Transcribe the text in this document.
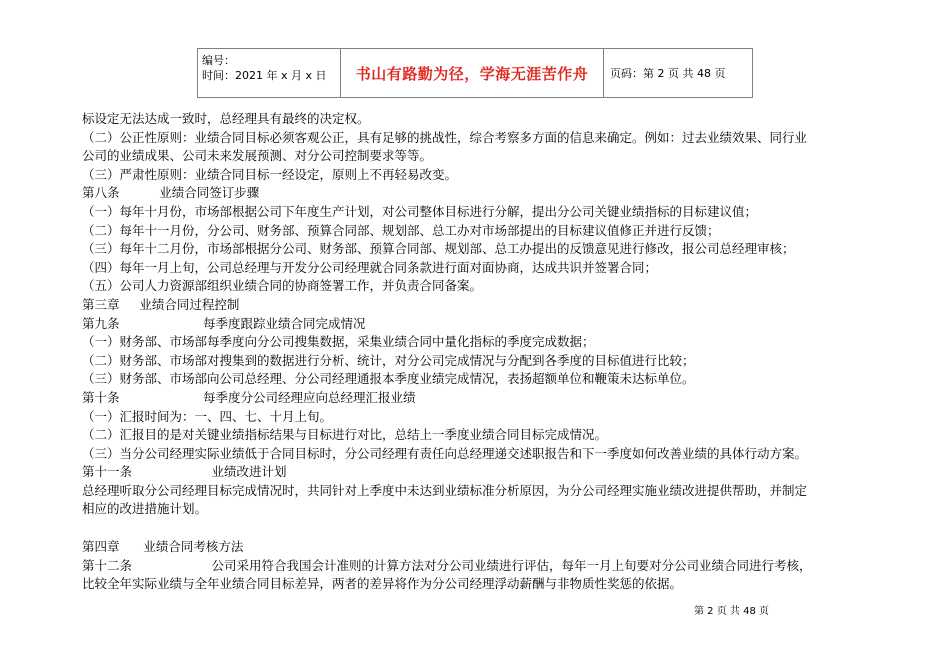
编号：
时间：2021 年 x 月 x 日	书山有路勤为径，学海无涯苦作舟	页码：第 2 页 共 48 页

标设定无法达成一致时，总经理具有最终的决定权。

（二）公正性原则：业绩合同目标必须客观公正，具有足够的挑战性，综合考察多方面的信息来确定。例如：过去业绩效果、同行业

公司的业绩成果、公司未来发展预测、对分公司控制要求等等。

（三）严肃性原则：业绩合同目标一经设定，原则上不再轻易改变。

第八条	业绩合同签订步骤

（一）每年十月份，市场部根据公司下年度生产计划，对公司整体目标进行分解，提出分公司关键业绩指标的目标建议值；

（二）每年十一月份，分公司、财务部、预算合同部、规划部、总工办对市场部提出的目标建议值修正并进行反馈；

（三）每年十二月份，市场部根据分公司、财务部、预算合同部、规划部、总工办提出的反馈意见进行修改，报公司总经理审核；

（四）每年一月上旬，公司总经理与开发分公司经理就合同条款进行面对面协商，达成共识并签署合同；

（五）公司人力资源部组织业绩合同的协商签署工作，并负责合同备案。

第三章 业绩合同过程控制

第九条	每季度跟踪业绩合同完成情况

（一）财务部、市场部每季度向分公司搜集数据，采集业绩合同中量化指标的季度完成数据；

（二）财务部、市场部对搜集到的数据进行分析、统计，对分公司完成情况与分配到各季度的目标值进行比较；

（三）财务部、市场部向公司总经理、分公司经理通报本季度业绩完成情况，表扬超额单位和鞭策未达标单位。

第十条	每季度分公司经理应向总经理汇报业绩

（一）汇报时间为：一、四、七、十月上旬。

（二）汇报目的是对关键业绩指标结果与目标进行对比，总结上一季度业绩合同目标完成情况。

（三）当分公司经理实际业绩低于合同目标时，分公司经理有责任向总经理递交述职报告和下一季度如何改善业绩的具体行动方案。

第十一条	业绩改进计划

总经理听取分公司经理目标完成情况时，共同针对上季度中未达到业绩标准分析原因，为分公司经理实施业绩改进提供帮助，并制定

相应的改进措施计划。

第四章 业绩合同考核方法

第十二条	公司采用符合我国会计准则的计算方法对分公司业绩进行评估，每年一月上旬要对分公司业绩合同进行考核，

比较全年实际业绩与全年业绩合同目标差异，两者的差异将作为分公司经理浮动薪酬与非物质性奖惩的依据。

第 2 页 共 48 页
